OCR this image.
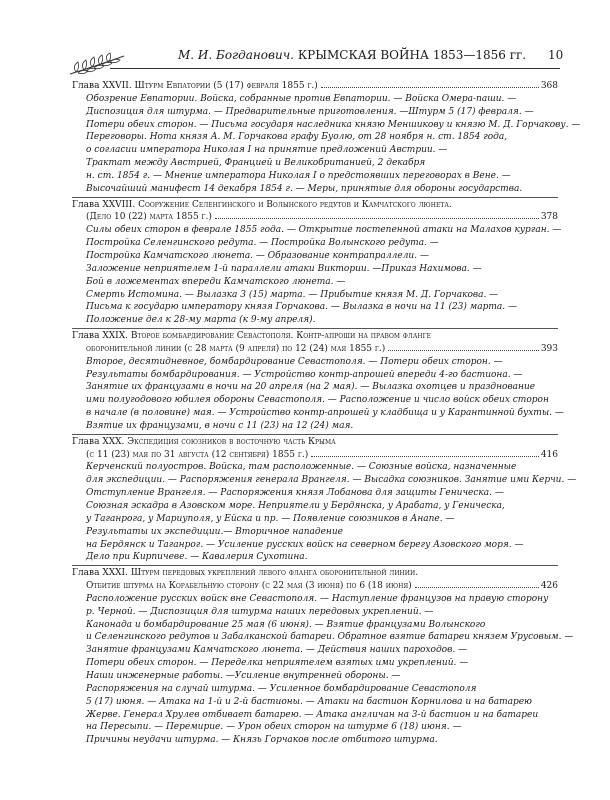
М. И. Богданович. КРЫМСКАЯ ВОЙНА 1853—1856 гг. 10
Глава XXVII. Штурм Евпатории (5 (17) февраля 1855 г.)	368
Обозрение Евпатории. Войска, собранные против Евпатории. — Войска Омера-паши. —
Диспозиция для штурма. — Предварительные приготовления. —Штурм 5 (17) февраля. —
Потери обеих сторон. — Письма государя наследника князю Меншикову и князю М. Д. Горчакову. —
Переговоры. Нота князя А. М. Горчакова графу Буолю, от 28 ноября н. ст. 1854 года,
о согласии императора Николая I на принятие предложений Австрии. —
Трактат между Австрией, Францией и Великобританией, 2 декабря
н. ст. 1854 г. — Мнение императора Николая I о предстоявших переговорах в Вене. —
Высочайший манифест 14 декабря 1854 г. — Меры, принятые для обороны государства.
Глава XXVIII. Сооружение Селенгинского и Волынского редутов и Камчатского люнета.
(Дело 10 (22) марта 1855 г.)	378
Силы обеих сторон в феврале 1855 года. — Открытие постепенной атаки на Малахов курган. —
Постройка Селенгинского редута. — Постройка Волынского редута. —
Постройка Камчатского люнета. — Образование контрапраллели. —
Заложение неприятелем 1-й параллели атаки Виктории. —Приказ Нахимова. —
Бой в ложементах впереди Камчатского люнета. —
Смерть Истомина. — Вылазка 3 (15) марта. — Прибытие князя М. Д. Горчакова. —
Письма к государю императору князя Горчакова. — Вылазка в ночи на 11 (23) марта. —
Положение дел к 28-му марта (к 9-му апреля).
Глава XXIX. Второе бомбардирование Севастополя. Контр-апроши на правом фланге
оборонительной линии (с 28 марта (9 апреля) по 12 (24) мая 1855 г.)	393
Второе, десятидневное, бомбардирование Севастополя. — Потери обеих сторон. —
Результаты бомбардирования. — Устройство контр-апрошей впереди 4-го бастиона. —
Занятие их французами в ночи на 20 апреля (на 2 мая). — Вылазка охотцев и празднование
ими полугодового юбилея обороны Севастополя. — Расположение и число войск обеих сторон
в начале (в половине) мая. — Устройство контр-апрошей у кладбища и у Карантинной бухты. —
Взятие их французами, в ночи с 11 (23) на 12 (24) мая.
Глава XXX. Экспедиция союзников в восточную часть Крыма
(с 11 (23) мая по 31 августа (12 сентября) 1855 г.)	416
Керченский полуостров. Войска, там расположенные. — Союзные войска, назначенные
для экспедиции. — Распоряжения генерала Врангеля. — Высадка союзников. Занятие ими Керчи. —
Отступление Врангеля. — Распоряжения князя Лобанова для защиты Геническа. —
Союзная эскадра в Азовском море. Неприятели у Бердянска, у Арабата, у Геническа,
у Таганрога, у Мариуполя, у Ейска и пр. — Появление союзников в Анапе. —
Результаты их экспедиции.— Вторичное нападение
на Бердянск и Таганрог. — Усиление русских войск на северном берегу Азовского моря. —
Дело при Кирпичеве. — Кавалерия Сухотина.
Глава XXXI. Штурм передовых укреплений левого фланга оборонительной линии.
Отбитие штурма на Корабельную сторону (с 22 мая (3 июня) по 6 (18 июня)	426
Расположение русских войск вне Севастополя. — Наступление французов на правую сторону
р. Черной. — Диспозиция для штурма наших передовых укреплений. —
Канонада и бомбардирование 25 мая (6 июня). — Взятие французами Волынского
и Селенгинского редутов и Забалканской батареи. Обратное взятие батареи князем Урусовым. —
Занятие французами Камчатского люнета. — Действия наших пароходов. —
Потери обеих сторон. — Переделка неприятелем взятых ими укреплений. —
Наши инженерные работы. —Усиление внутренней обороны. —
Распоряжения на случай штурма. — Усиленное бомбардирование Севастополя
5 (17) июня. — Атака на 1-й и 2-й бастионы. — Атаки на бастион Корнилова и на батарею
Жерве. Генерал Хрулев отбивает батарею. — Атака англичан на 3-й бастион и на батареи
на Пересыпи. — Перемирие. — Урон обеих сторон на штурме 6 (18) июня. —
Причины неудачи штурма. — Князь Горчаков после отбитого штурма.
